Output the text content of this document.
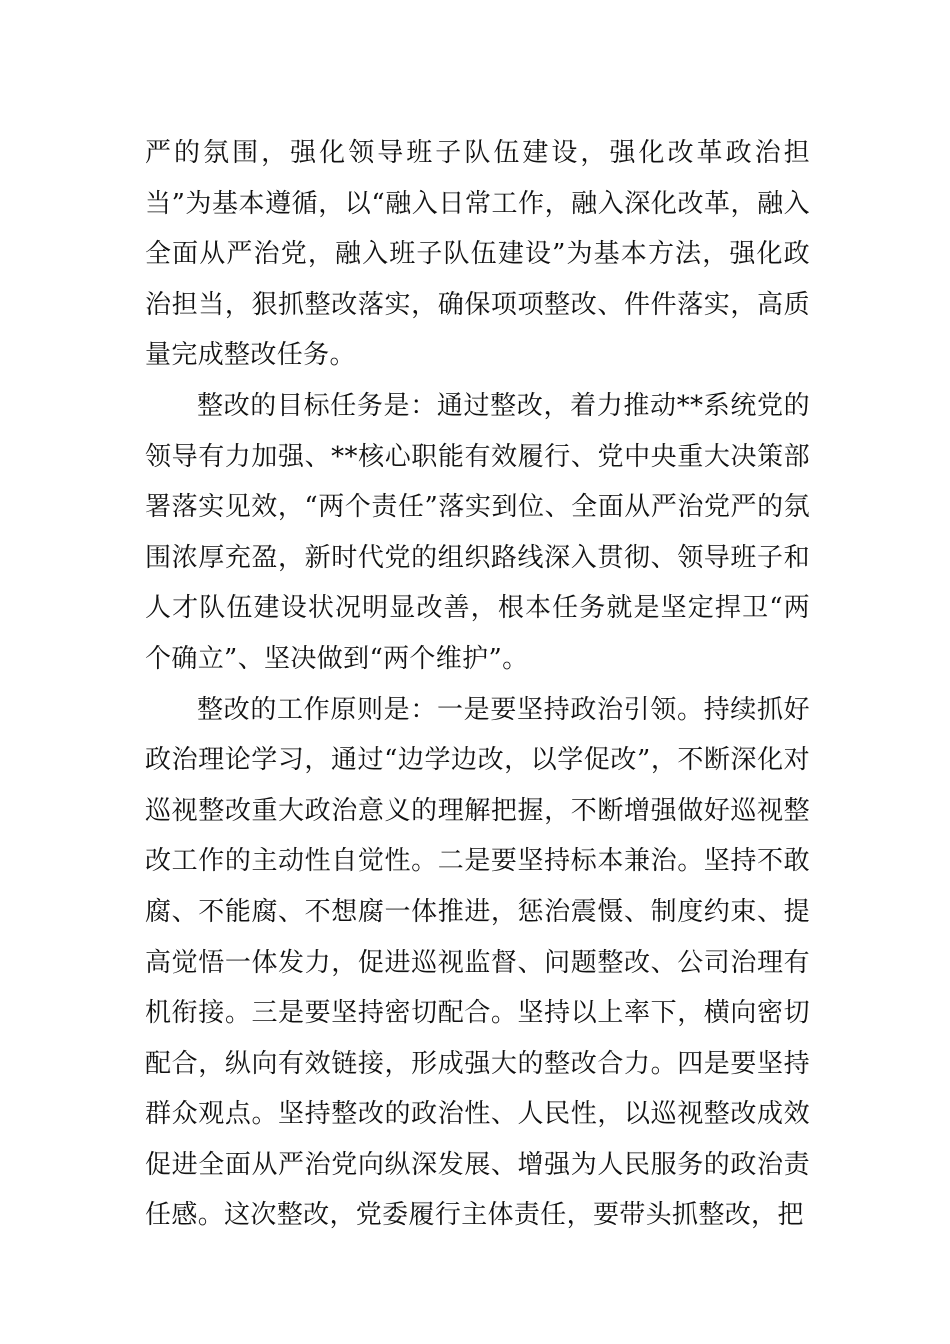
严的氛围，强化领导班子队伍建设，强化改革政治担当”为基本遵循，以“融入日常工作，融入深化改革，融入全面从严治党，融入班子队伍建设”为基本方法，强化政治担当，狠抓整改落实，确保项项整改、件件落实，高质量完成整改任务。

整改的目标任务是：通过整改，着力推动**系统党的领导有力加强、**核心职能有效履行、党中央重大决策部署落实见效，“两个责任”落实到位、全面从严治党严的氛围浓厚充盈，新时代党的组织路线深入贯彻、领导班子和人才队伍建设状况明显改善，根本任务就是坚定捍卫“两个确立”、坚决做到“两个维护”。

整改的工作原则是：一是要坚持政治引领。持续抓好政治理论学习，通过“边学边改，以学促改”，不断深化对巡视整改重大政治意义的理解把握，不断增强做好巡视整改工作的主动性自觉性。二是要坚持标本兼治。坚持不敢腐、不能腐、不想腐一体推进，惩治震慑、制度约束、提高觉悟一体发力，促进巡视监督、问题整改、公司治理有机衔接。三是要坚持密切配合。坚持以上率下，横向密切配合，纵向有效链接，形成强大的整改合力。四是要坚持群众观点。坚持整改的政治性、人民性，以巡视整改成效促进全面从严治党向纵深发展、增强为人民服务的政治责任感。这次整改，党委履行主体责任，要带头抓整改，把
